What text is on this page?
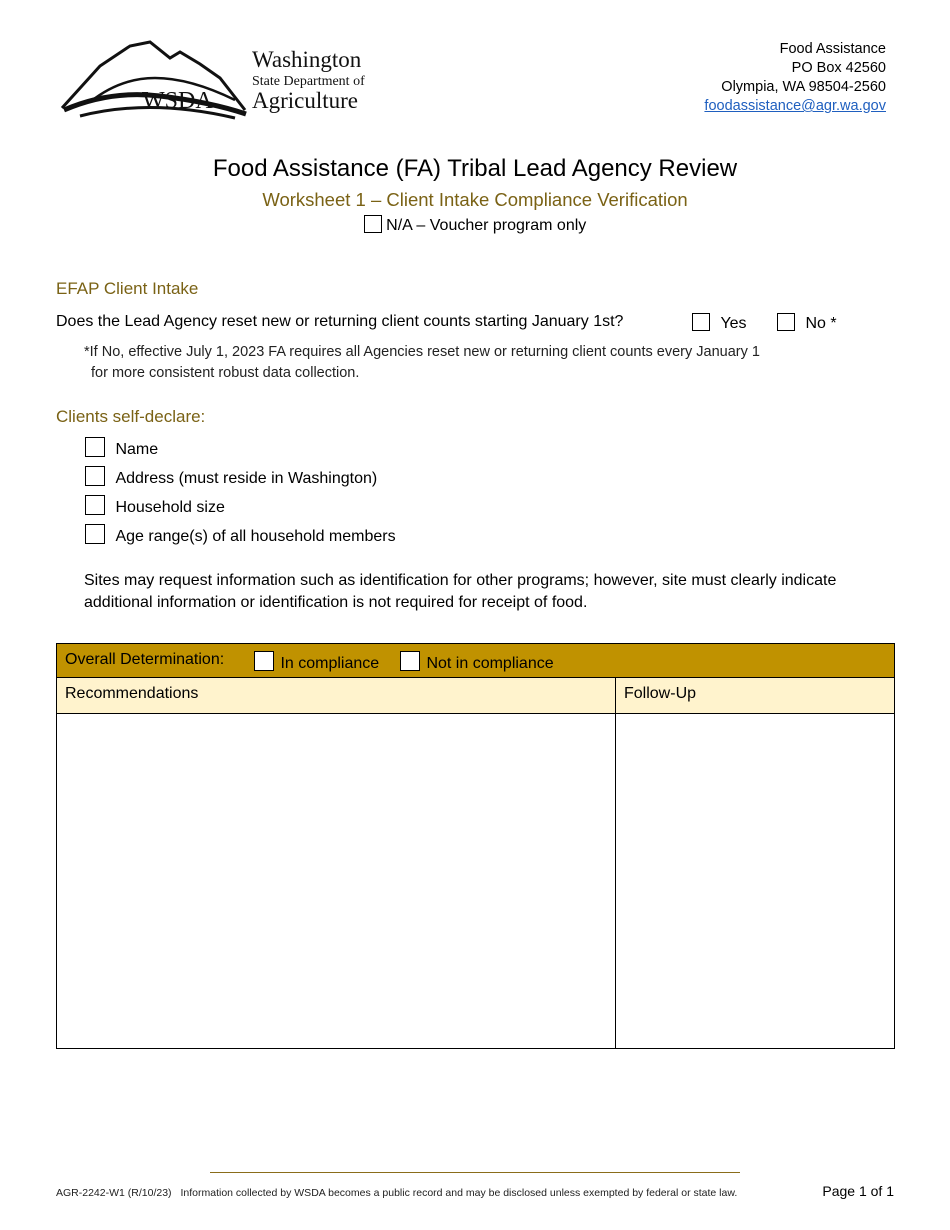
WSDA
Washington
State Department of
Agriculture
Food Assistance
PO Box 42560
Olympia, WA 98504-2560
foodassistance@agr.wa.gov
Food Assistance (FA) Tribal Lead Agency Review
Worksheet 1 – Client Intake Compliance Verification
N/A – Voucher program only
EFAP Client Intake
Does the Lead Agency reset new or returning client counts starting January 1st?	Yes	No *
*If No, effective July 1, 2023 FA requires all Agencies reset new or returning client counts every January 1
for more consistent robust data collection.
Clients self-declare:
Name
Address (must reside in Washington)
Household size
Age range(s) of all household members
Sites may request information such as identification for other programs; however, site must clearly indicate additional information or identification is not required for receipt of food.
Overall Determination:	In compliance	Not in compliance
Recommendations	Follow-Up
AGR-2242-W1 (R/10/23) Information collected by WSDA becomes a public record and may be disclosed unless exempted by federal or state law.	Page 1 of 1
